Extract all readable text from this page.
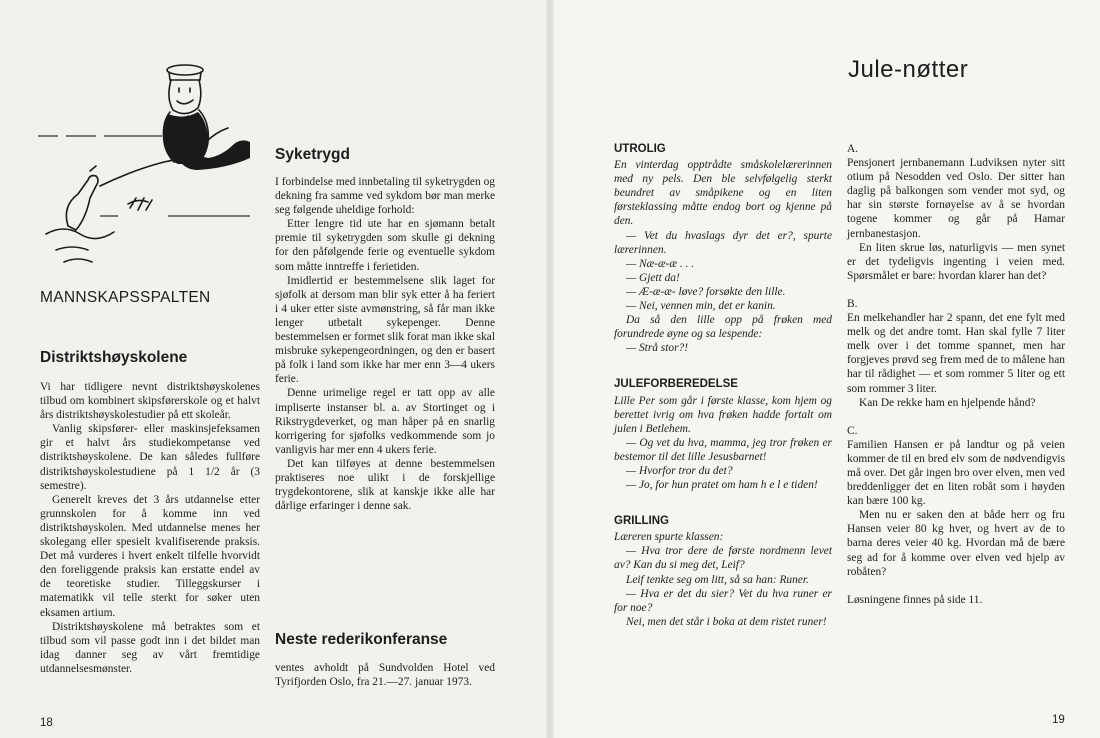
MANNSKAPSSPALTEN
Distriktshøyskolene

Vi har tidligere nevnt distriktshøyskolenes tilbud om kombinert skipsførerskole og et halvt års distriktshøyskolestudier på ett skoleår.

Vanlig skipsfører- eller maskinsjefeksamen gir et halvt års studiekompetanse ved distriktshøyskolene. De kan således fullføre distriktshøyskolestudiene på 1 1/2 år (3 semestre).

Generelt kreves det 3 års utdannelse etter grunnskolen for å komme inn ved distriktshøyskolen. Med utdannelse menes her skolegang eller spesielt kvalifiserende praksis. Det må vurderes i hvert enkelt tilfelle hvorvidt den foreliggende praksis kan erstatte endel av de teoretiske studier. Tilleggskurser i matematikk vil telle sterkt for søker uten eksamen artium.

Distriktshøyskolene må betraktes som et tilbud som vil passe godt inn i det bildet man idag danner seg av vårt fremtidige utdannelsesmønster.

Syketrygd

I forbindelse med innbetaling til syketrygden og dekning fra samme ved sykdom bør man merke seg følgende uheldige forhold:

Etter lengre tid ute har en sjømann betalt premie til syketrygden som skulle gi dekning for den påfølgende ferie og eventuelle sykdom som måtte inntreffe i ferietiden.

Imidlertid er bestemmelsene slik laget for sjøfolk at dersom man blir syk etter å ha feriert i 4 uker etter siste avmønstring, så får man ikke lenger utbetalt sykepenger. Denne bestemmelsen er formet slik forat man ikke skal misbruke sykepengeordningen, og den er basert på folk i land som ikke har mer enn 3—4 ukers ferie.

Denne urimelige regel er tatt opp av alle impliserte instanser bl. a. av Stortinget og i Rikstrygdeverket, og man håper på en snarlig korrigering for sjøfolks vedkommende som jo vanligvis har mer enn 4 ukers ferie.

Det kan tilføyes at denne bestemmelsen praktiseres noe ulikt i de forskjellige trygdekontorene, slik at kanskje ikke alle har dårlige erfaringer i denne sak.

Neste rederikonferanse

ventes avholdt på Sundvolden Hotel ved Tyrifjorden Oslo, fra 21.—27. januar 1973.

18
Jule-nøtter
UTROLIG

En vinterdag opptrådte småskolelærerinnen med ny pels. Den ble selvfølgelig sterkt beundret av småpikene og en liten førsteklassing måtte endog bort og kjenne på den.

— Vet du hvaslags dyr det er?, spurte lærerinnen.

— Næ-æ-æ . . .

— Gjett da!

— Æ-æ-æ- løve? forsøkte den lille.

— Nei, vennen min, det er kanin.

Da så den lille opp på frøken med forundrede øyne og sa lespende:

— Strå stor?!

JULEFORBEREDELSE

Lille Per som går i første klasse, kom hjem og berettet ivrig om hva frøken hadde fortalt om julen i Betlehem.

— Og vet du hva, mamma, jeg tror frøken er bestemor til det lille Jesusbarnet!

— Hvorfor tror du det?

— Jo, for hun pratet om ham h e l e tiden!

GRILLING

Læreren spurte klassen:

— Hva tror dere de første nordmenn levet av? Kan du si meg det, Leif?

Leif tenkte seg om litt, så sa han: Runer.

— Hva er det du sier? Vet du hva runer er for noe?

Nei, men det står i boka at dem ristet runer!

A.

Pensjonert jernbanemann Ludviksen nyter sitt otium på Nesodden ved Oslo. Der sitter han daglig på balkongen som vender mot syd, og har sin største fornøyelse av å se hvordan togene kommer og går på Hamar jernbanestasjon.

En liten skrue løs, naturligvis — men synet er det tydeligvis ingenting i veien med. Spørsmålet er bare: hvordan klarer han det?

B.

En melkehandler har 2 spann, det ene fylt med melk og det andre tomt. Han skal fylle 7 liter melk over i det tomme spannet, men har forgjeves prøvd seg frem med de to målene han har til rådighet — et som rommer 5 liter og ett som rommer 3 liter.

Kan De rekke ham en hjelpende hånd?

C.

Familien Hansen er på landtur og på veien kommer de til en bred elv som de nødvendigvis må over. Det går ingen bro over elven, men ved breddenligger det en liten robåt som i høyden kan bære 100 kg.

Men nu er saken den at både herr og fru Hansen veier 80 kg hver, og hvert av de to barna deres veier 40 kg. Hvordan må de bære seg ad for å komme over elven ved hjelp av robåten?

Løsningene finnes på side 11.

19
